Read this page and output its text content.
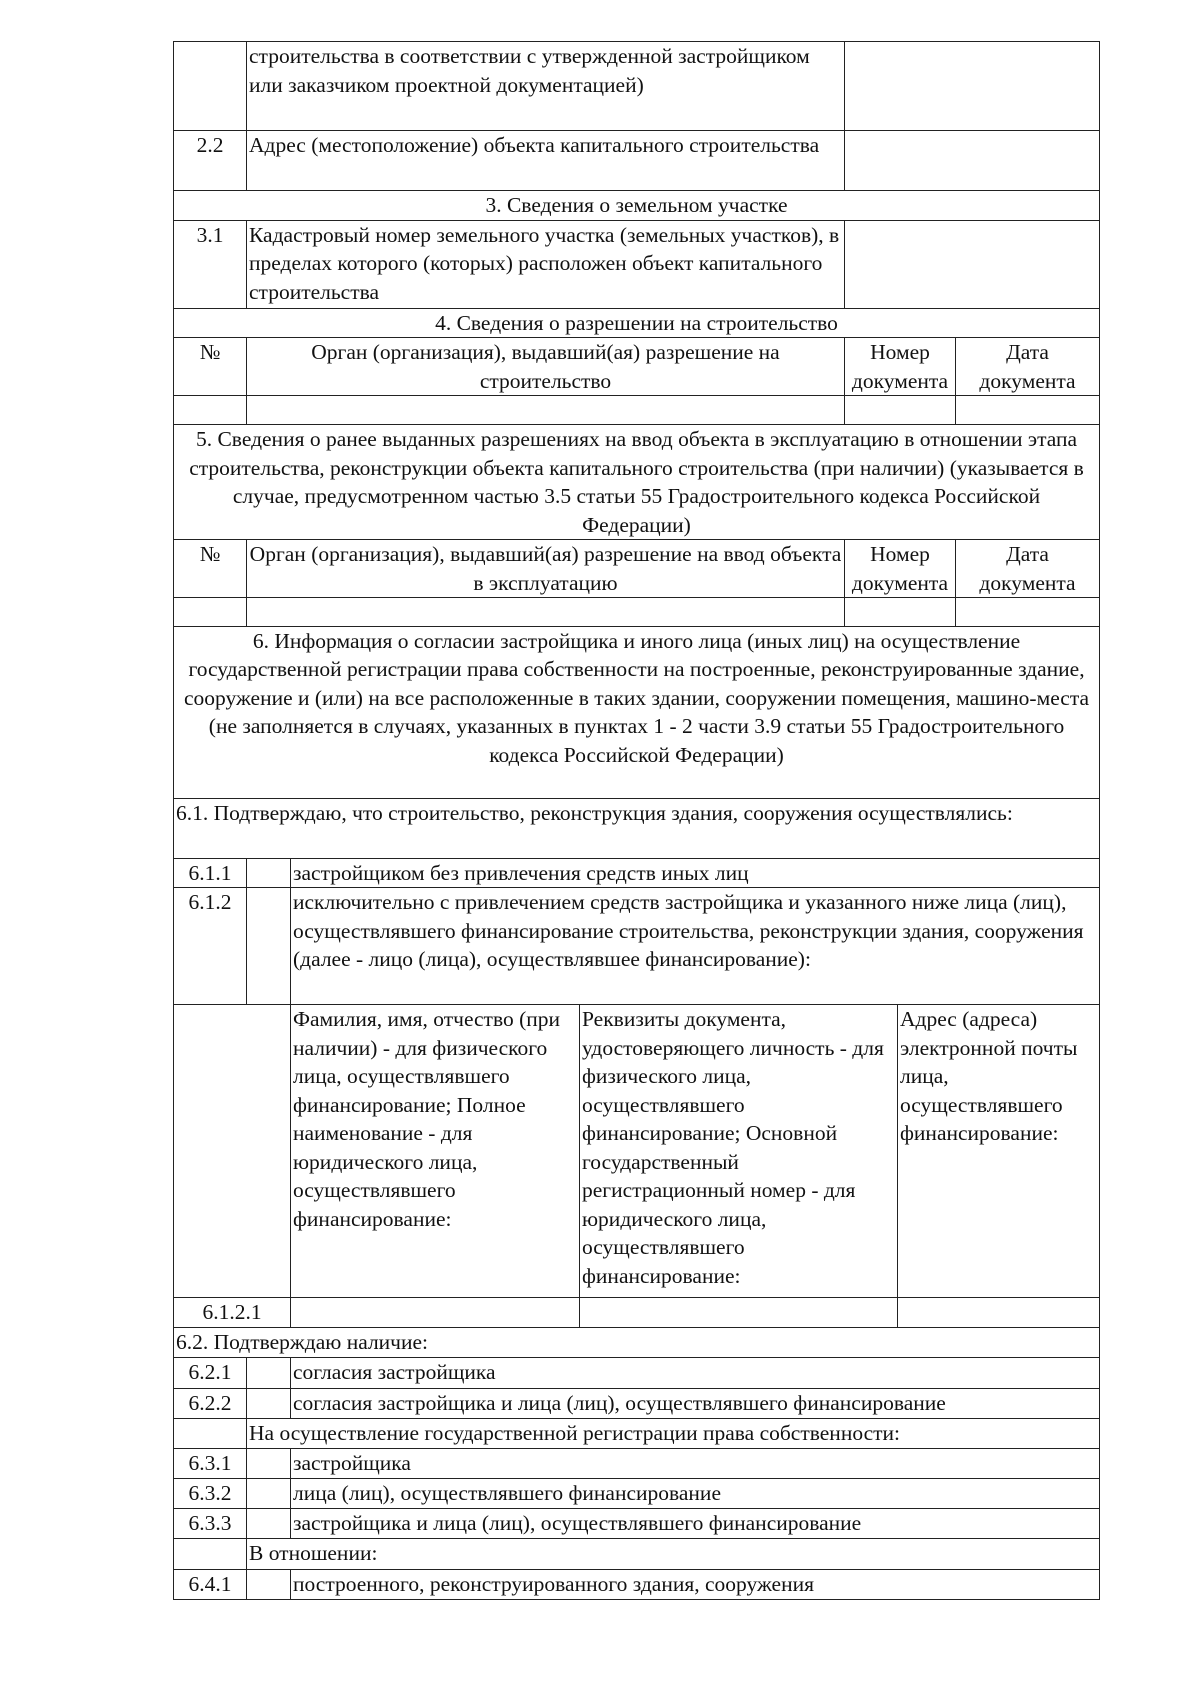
	строительства в соответствии с утвержденной застройщиком или заказчиком проектной документацией)		
2.2	Адрес (местоположение) объекта капитального строительства		
3. Сведения о земельном участке			
3.1	Кадастровый номер земельного участка (земельных участков), в пределах которого (которых) расположен объект капитального строительства		
4. Сведения о разрешении на строительство			
№	Орган (организация), выдавший(ая) разрешение на строительство	Номер документа	Дата документа

5. Сведения о ранее выданных разрешениях на ввод объекта в эксплуатацию в отношении этапа строительства, реконструкции объекта капитального строительства (при наличии) (указывается в случае, предусмотренном частью 3.5 статьи 55 Градостроительного кодекса Российской Федерации)			
№	Орган (организация), выдавший(ая) разрешение на ввод объекта в эксплуатацию	Номер документа	Дата документа

6. Информация о согласии застройщика и иного лица (иных лиц) на осуществление государственной регистрации права собственности на построенные, реконструированные здание, сооружение и (или) на все расположенные в таких здании, сооружении помещения, машино-места
(не заполняется в случаях, указанных в пунктах 1 - 2 части 3.9 статьи 55 Градостроительного кодекса Российской Федерации)				
6.1. Подтверждаю, что строительство, реконструкция здания, сооружения осуществлялись:				
6.1.1		застройщиком без привлечения средств иных лиц		
6.1.2		исключительно с привлечением средств застройщика и указанного ниже лица (лиц), осуществлявшего финансирование строительства, реконструкции здания, сооружения (далее - лицо (лица), осуществлявшее финансирование):		
		Фамилия, имя, отчество (при наличии) - для физического лица, осуществлявшего финансирование; Полное наименование - для юридического лица, осуществлявшего финансирование:	Реквизиты документа, удостоверяющего личность - для физического лица, осуществлявшего финансирование; Основной государственный регистрационный номер - для юридического лица, осуществлявшего финансирование:	Адрес (адреса) электронной почты лица, осуществлявшего финансирование:
6.1.2.1				
6.2. Подтверждаю наличие:				
6.2.1		согласия застройщика		
6.2.2		согласия застройщика и лица (лиц), осуществлявшего финансирование		
	На осуществление государственной регистрации права собственности:			
6.3.1		застройщика		
6.3.2		лица (лиц), осуществлявшего финансирование		
6.3.3		застройщика и лица (лиц), осуществлявшего финансирование		
	В отношении:			
6.4.1		построенного, реконструированного здания, сооружения		
